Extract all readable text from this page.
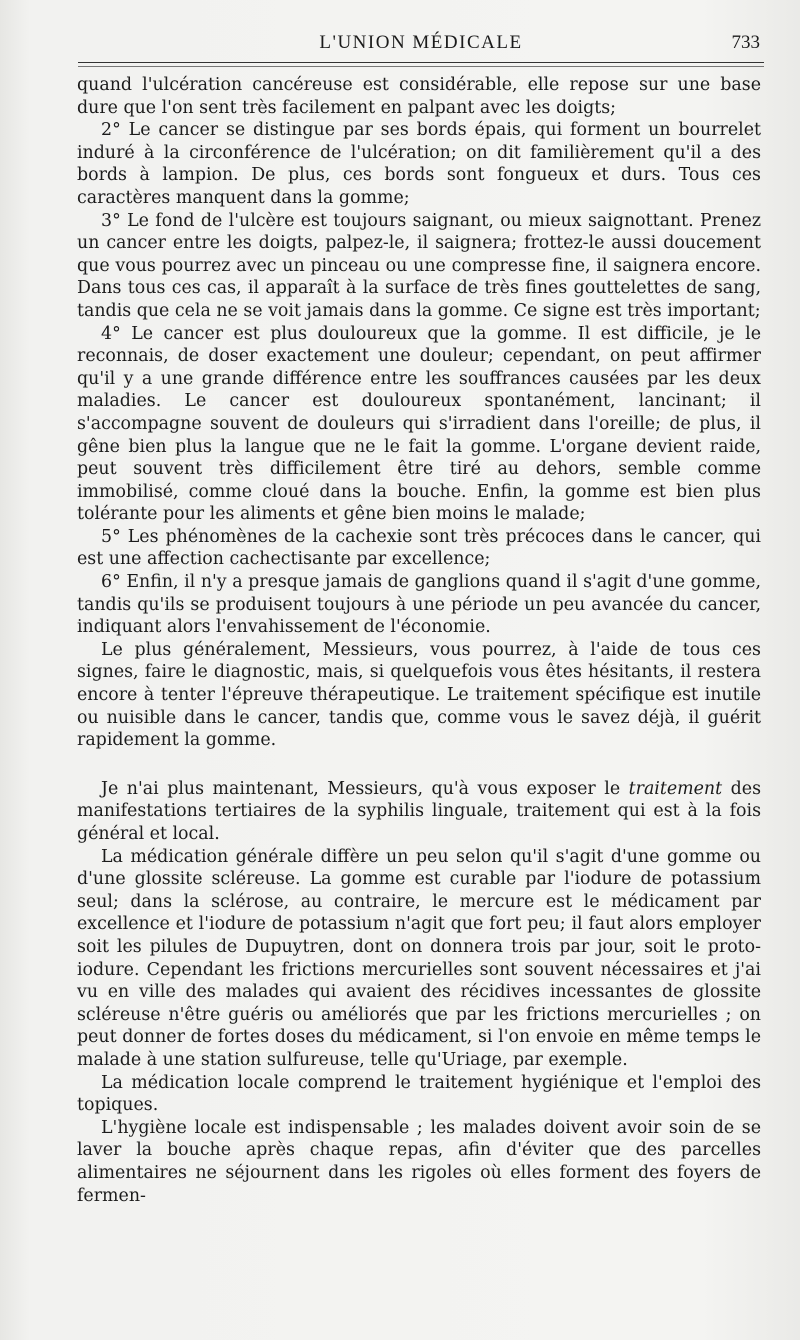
L'UNION MÉDICALE	733

quand l'ulcération cancéreuse est considérable, elle repose sur une base dure que l'on sent très facilement en palpant avec les doigts;

2° Le cancer se distingue par ses bords épais, qui forment un bourrelet induré à la circonférence de l'ulcération; on dit familièrement qu'il a des bords à lampion. De plus, ces bords sont fongueux et durs. Tous ces caractères manquent dans la gomme;

3° Le fond de l'ulcère est toujours saignant, ou mieux saignottant. Prenez un cancer entre les doigts, palpez-le, il saignera; frottez-le aussi doucement que vous pourrez avec un pinceau ou une compresse fine, il saignera encore. Dans tous ces cas, il apparaît à la surface de très fines gouttelettes de sang, tandis que cela ne se voit jamais dans la gomme. Ce signe est très important;

4° Le cancer est plus douloureux que la gomme. Il est difficile, je le reconnais, de doser exactement une douleur; cependant, on peut affirmer qu'il y a une grande différence entre les souffrances causées par les deux maladies. Le cancer est douloureux spontanément, lancinant; il s'accompagne souvent de douleurs qui s'irradient dans l'oreille; de plus, il gêne bien plus la langue que ne le fait la gomme. L'organe devient raide, peut souvent très difficilement être tiré au dehors, semble comme immobilisé, comme cloué dans la bouche. Enfin, la gomme est bien plus tolérante pour les aliments et gêne bien moins le malade;

5° Les phénomènes de la cachexie sont très précoces dans le cancer, qui est une affection cachectisante par excellence;

6° Enfin, il n'y a presque jamais de ganglions quand il s'agit d'une gomme, tandis qu'ils se produisent toujours à une période un peu avancée du cancer, indiquant alors l'envahissement de l'économie.

Le plus généralement, Messieurs, vous pourrez, à l'aide de tous ces signes, faire le diagnostic, mais, si quelquefois vous êtes hésitants, il restera encore à tenter l'épreuve thérapeutique. Le traitement spécifique est inutile ou nuisible dans le cancer, tandis que, comme vous le savez déjà, il guérit rapidement la gomme.

Je n'ai plus maintenant, Messieurs, qu'à vous exposer le traitement des manifestations tertiaires de la syphilis linguale, traitement qui est à la fois général et local.

La médication générale diffère un peu selon qu'il s'agit d'une gomme ou d'une glossite scléreuse. La gomme est curable par l'iodure de potassium seul; dans la sclérose, au contraire, le mercure est le médicament par excellence et l'iodure de potassium n'agit que fort peu; il faut alors employer soit les pilules de Dupuytren, dont on donnera trois par jour, soit le proto-iodure. Cependant les frictions mercurielles sont souvent nécessaires et j'ai vu en ville des malades qui avaient des récidives incessantes de glossite scléreuse n'être guéris ou améliorés que par les frictions mercurielles ; on peut donner de fortes doses du médicament, si l'on envoie en même temps le malade à une station sulfureuse, telle qu'Uriage, par exemple.

La médication locale comprend le traitement hygiénique et l'emploi des topiques.

L'hygiène locale est indispensable ; les malades doivent avoir soin de se laver la bouche après chaque repas, afin d'éviter que des parcelles alimentaires ne séjournent dans les rigoles où elles forment des foyers de fermen-
